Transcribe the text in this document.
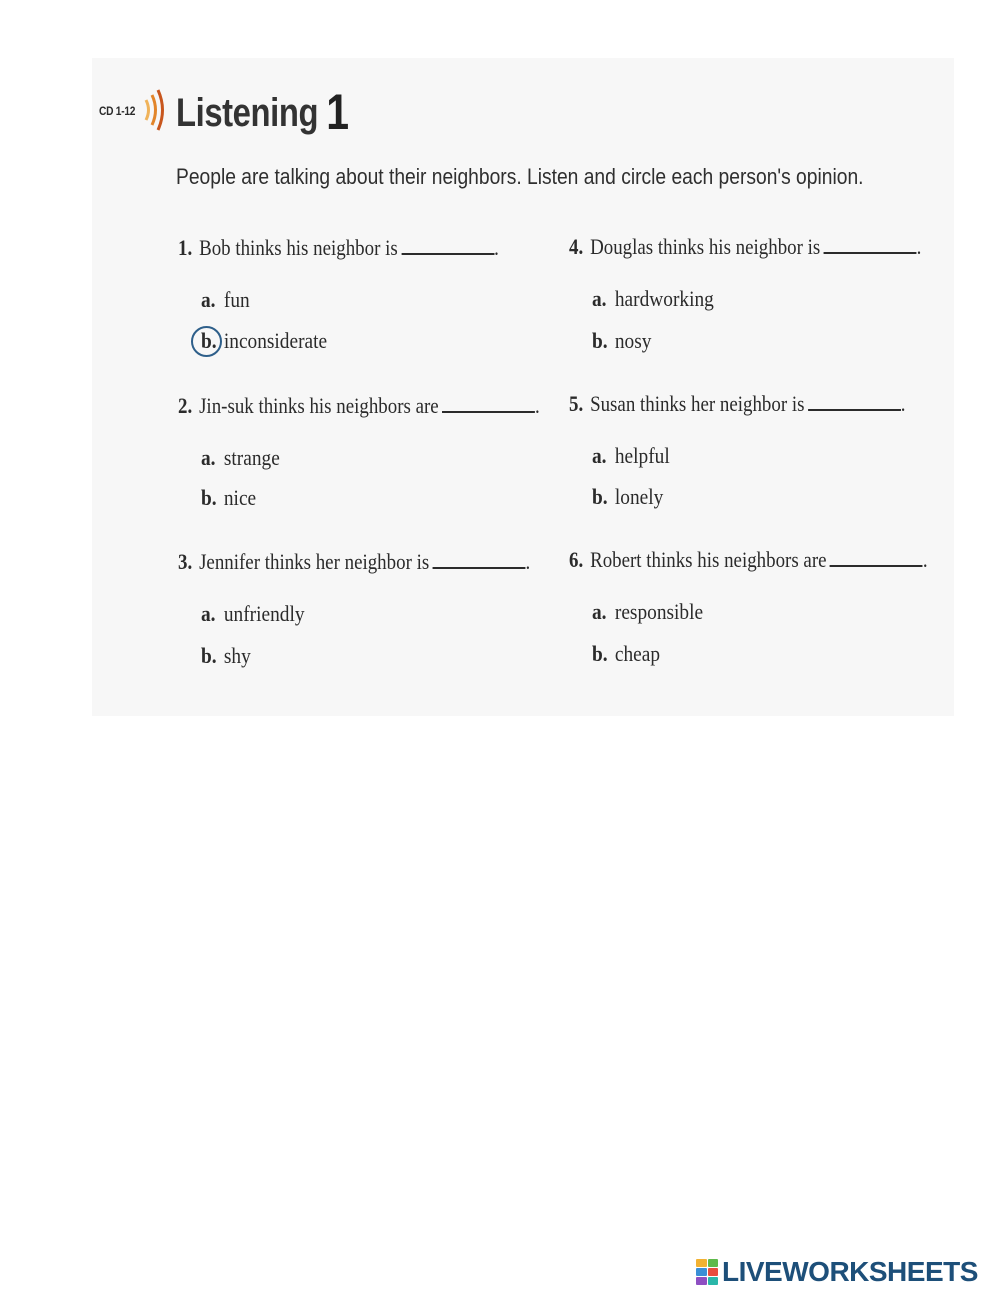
CD 1-12 Listening 1
People are talking about their neighbors. Listen and circle each person's opinion.
1. Bob thinks his neighbor is	.
a. fun
b. inconsiderate
2. Jin-suk thinks his neighbors are	.
a. strange
b. nice
3. Jennifer thinks her neighbor is	.
a. unfriendly
b. shy
4. Douglas thinks his neighbor is	.
a. hardworking
b. nosy
5. Susan thinks her neighbor is	.
a. helpful
b. lonely
6. Robert thinks his neighbors are	.
a. responsible
b. cheap
LIVEWORKSHEETS
